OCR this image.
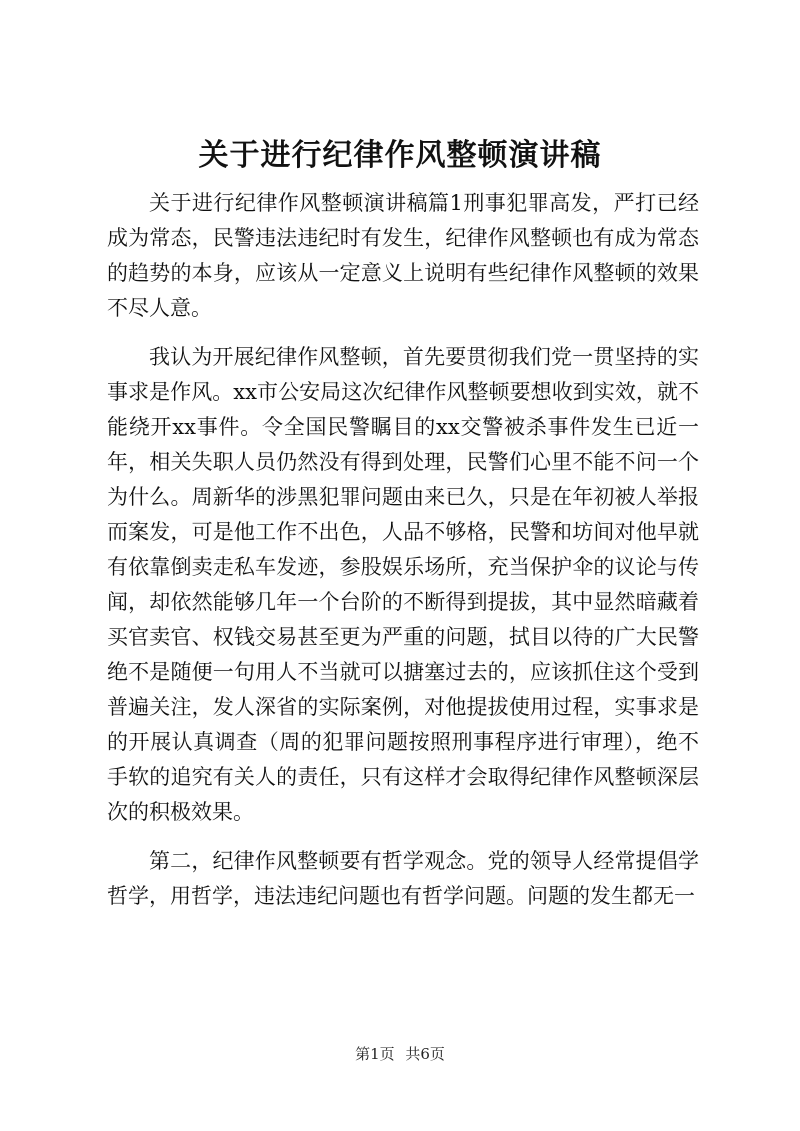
关于进行纪律作风整顿演讲稿

关于进行纪律作风整顿演讲稿篇1刑事犯罪高发，严打已经成为常态，民警违法违纪时有发生，纪律作风整顿也有成为常态的趋势的本身，应该从一定意义上说明有些纪律作风整顿的效果不尽人意。

我认为开展纪律作风整顿，首先要贯彻我们党一贯坚持的实事求是作风。xx市公安局这次纪律作风整顿要想收到实效，就不能绕开xx事件。令全国民警瞩目的xx交警被杀事件发生已近一年，相关失职人员仍然没有得到处理，民警们心里不能不问一个为什么。周新华的涉黑犯罪问题由来已久，只是在年初被人举报而案发，可是他工作不出色，人品不够格，民警和坊间对他早就有依靠倒卖走私车发迹，参股娱乐场所，充当保护伞的议论与传闻，却依然能够几年一个台阶的不断得到提拔，其中显然暗藏着买官卖官、权钱交易甚至更为严重的问题，拭目以待的广大民警绝不是随便一句用人不当就可以搪塞过去的，应该抓住这个受到普遍关注，发人深省的实际案例，对他提拔使用过程，实事求是的开展认真调查（周的犯罪问题按照刑事程序进行审理），绝不手软的追究有关人的责任，只有这样才会取得纪律作风整顿深层次的积极效果。

第二，纪律作风整顿要有哲学观念。党的领导人经常提倡学哲学，用哲学，违法违纪问题也有哲学问题。问题的发生都无一

第1页 共6页
